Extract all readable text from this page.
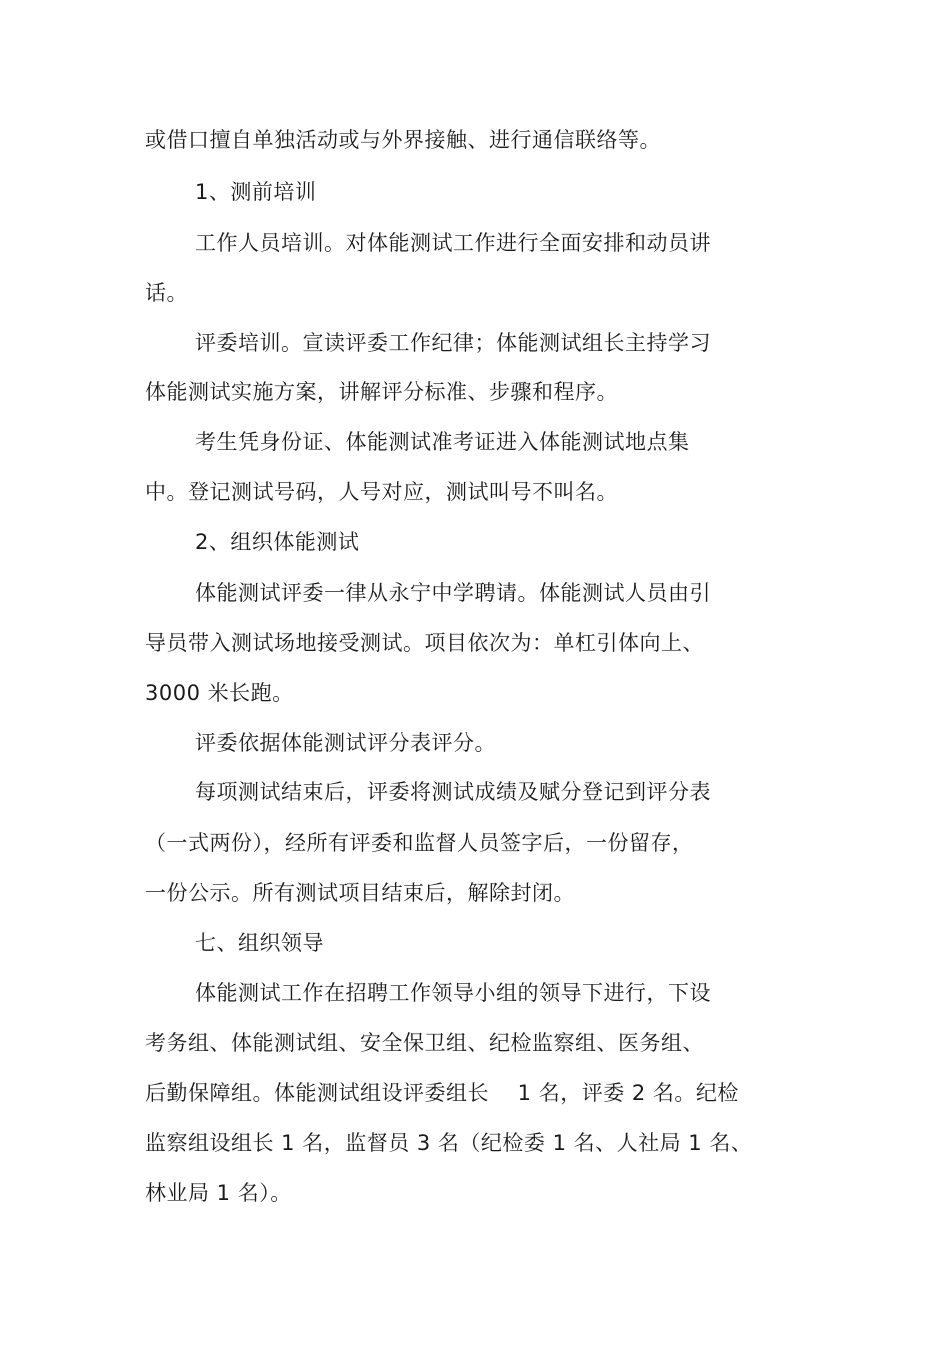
或借口擅自单独活动或与外界接触、进行通信联络等。
1、测前培训
工作人员培训。对体能测试工作进行全面安排和动员讲
话。
评委培训。宣读评委工作纪律；体能测试组长主持学习
体能测试实施方案，讲解评分标准、步骤和程序。
考生凭身份证、体能测试准考证进入体能测试地点集
中。登记测试号码，人号对应，测试叫号不叫名。
2、组织体能测试
体能测试评委一律从永宁中学聘请。体能测试人员由引
导员带入测试场地接受测试。项目依次为：单杠引体向上、
3000 米长跑。
评委依据体能测试评分表评分。
每项测试结束后，评委将测试成绩及赋分登记到评分表
（一式两份），经所有评委和监督人员签字后，一份留存，
一份公示。所有测试项目结束后，解除封闭。
七、组织领导
体能测试工作在招聘工作领导小组的领导下进行，下设
考务组、体能测试组、安全保卫组、纪检监察组、医务组、
后勤保障组。体能测试组设评委组长　 1 名，评委 2 名。纪检
监察组设组长 1 名，监督员 3 名（纪检委 1 名、人社局 1 名、
林业局 1 名）。
